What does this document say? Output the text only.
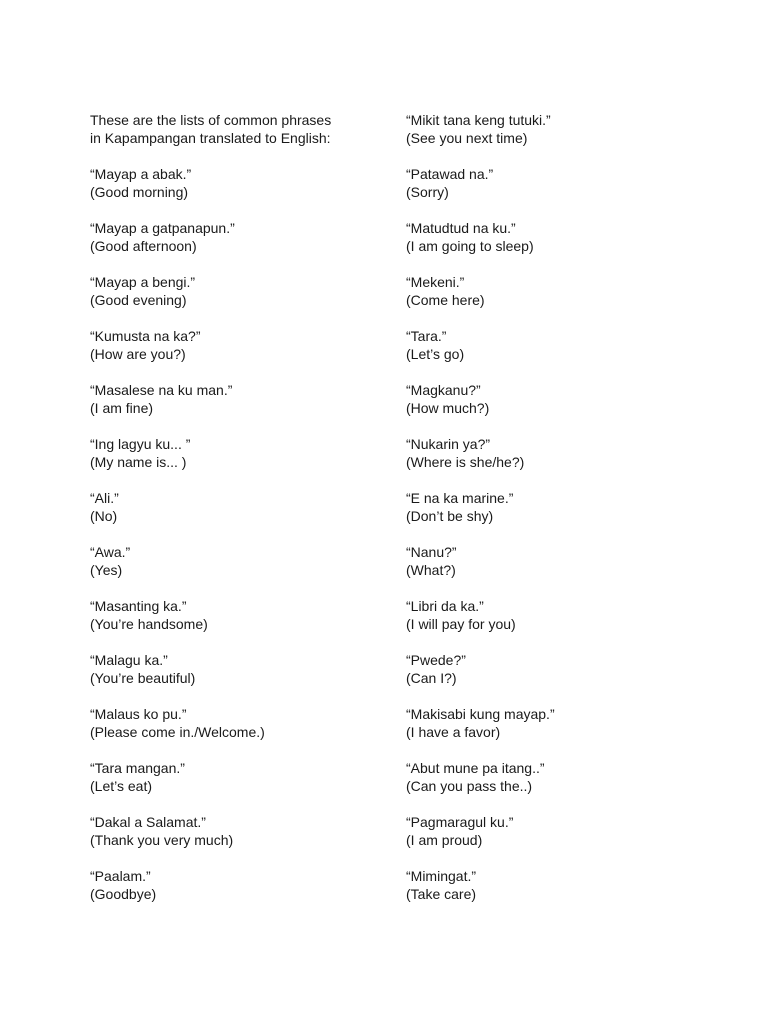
These are the lists of common phrases

in Kapampangan translated to English:

“Mayap a abak.”

(Good morning)

“Mayap a gatpanapun.”

(Good afternoon)

“Mayap a bengi.”

(Good evening)

“Kumusta na ka?”

(How are you?)

“Masalese na ku man.”

(I am fine)

“Ing lagyu ku... ”

(My name is... )

“Ali.”

(No)

“Awa.”

(Yes)

“Masanting ka.”

(You’re handsome)

“Malagu ka.”

(You’re beautiful)

“Malaus ko pu.”

(Please come in./Welcome.)

“Tara mangan.”

(Let’s eat)

“Dakal a Salamat.”

(Thank you very much)

“Paalam.”

(Goodbye)

“Mikit tana keng tutuki.”

(See you next time)

“Patawad na.”

(Sorry)

“Matudtud na ku.”

(I am going to sleep)

“Mekeni.”

(Come here)

“Tara.”

(Let’s go)

“Magkanu?”

(How much?)

“Nukarin ya?”

(Where is she/he?)

“E na ka marine.”

(Don’t be shy)

“Nanu?”

(What?)

“Libri da ka.”

(I will pay for you)

“Pwede?”

(Can I?)

“Makisabi kung mayap.”

(I have a favor)

“Abut mune pa itang..”

(Can you pass the..)

“Pagmaragul ku.”

(I am proud)

“Mimingat.”

(Take care)
